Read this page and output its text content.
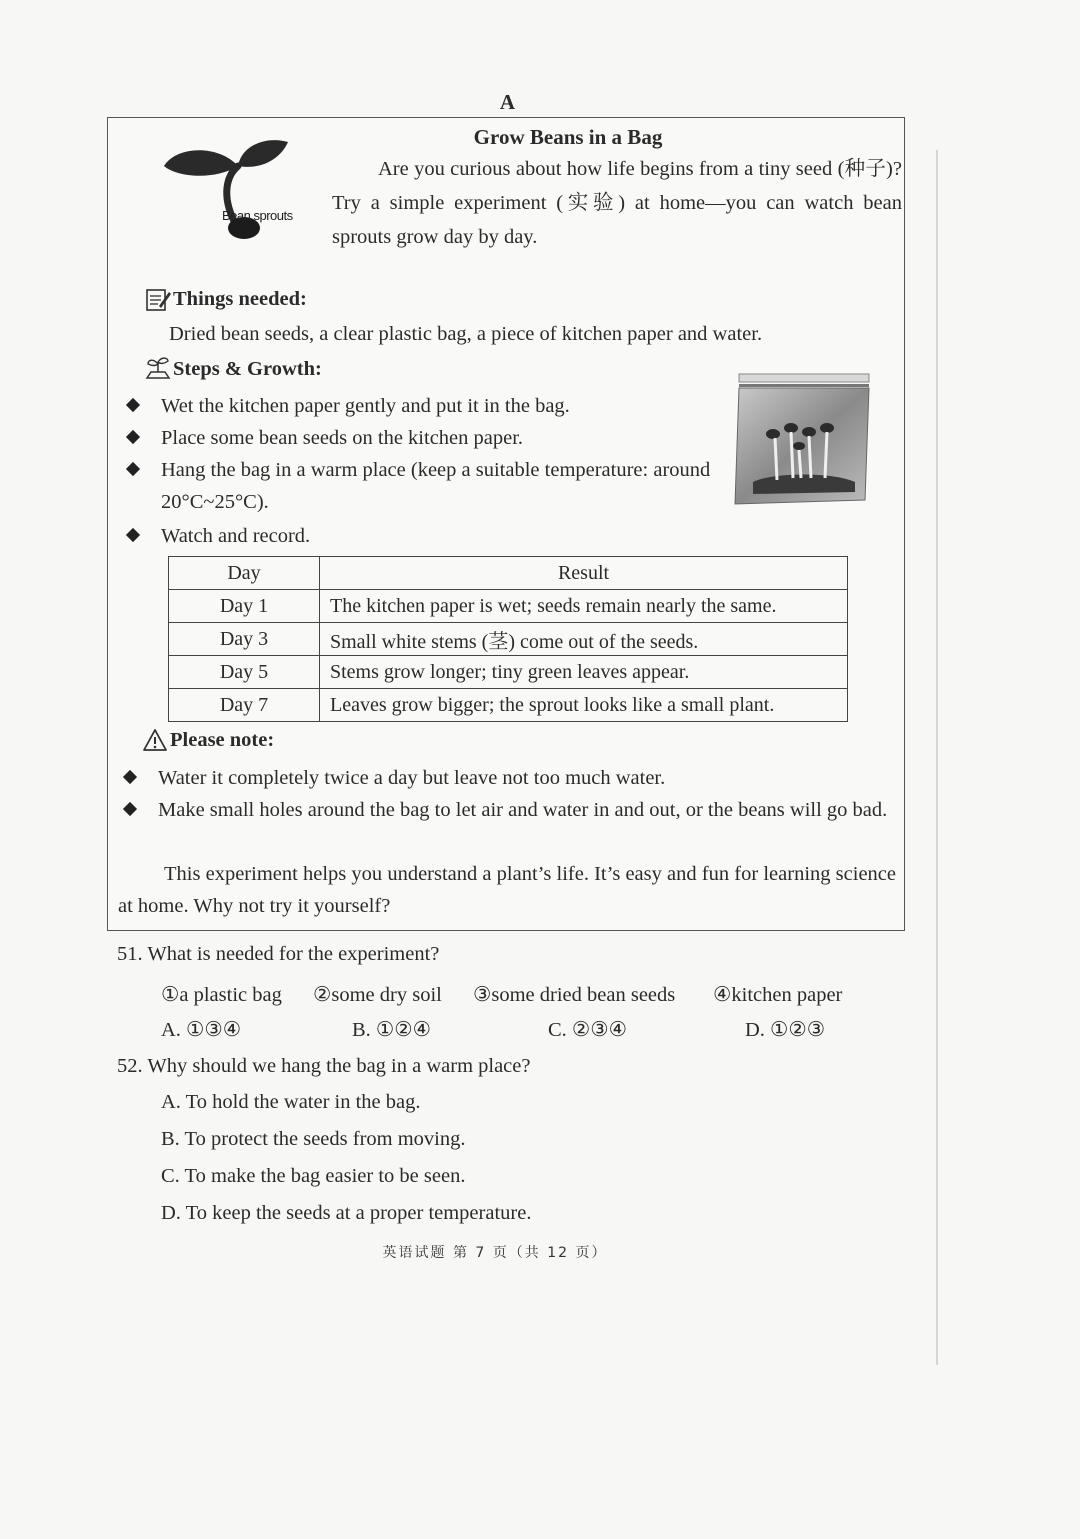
A
Grow Beans in a Bag
Bean sprouts

Are you curious about how life begins from a tiny seed (种子)? Try a simple experiment (实验) at home—you can watch bean sprouts grow day by day.

Things needed:
Dried bean seeds, a clear plastic bag, a piece of kitchen paper and water.
Steps & Growth:
Wet the kitchen paper gently and put it in the bag.
Place some bean seeds on the kitchen paper.
Hang the bag in a warm place (keep a suitable temperature: around 20°C~25°C).
Watch and record.
Day	Result
Day 1	The kitchen paper is wet; seeds remain nearly the same.
Day 3	Small white stems (茎) come out of the seeds.
Day 5	Stems grow longer; tiny green leaves appear.
Day 7	Leaves grow bigger; the sprout looks like a small plant.
Please note:
Water it completely twice a day but leave not too much water.
Make small holes around the bag to let air and water in and out, or the beans will go bad.

This experiment helps you understand a plant’s life. It’s easy and fun for learning science at home. Why not try it yourself?

51. What is needed for the experiment?
①a plastic bag ②some dry soil ③some dried bean seeds ④kitchen paper
A. ①③④	B. ①②④	C. ②③④	D. ①②③
52. Why should we hang the bag in a warm place?
A. To hold the water in the bag.
B. To protect the seeds from moving.
C. To make the bag easier to be seen.
D. To keep the seeds at a proper temperature.
英语试题 第 7 页（共 12 页）
